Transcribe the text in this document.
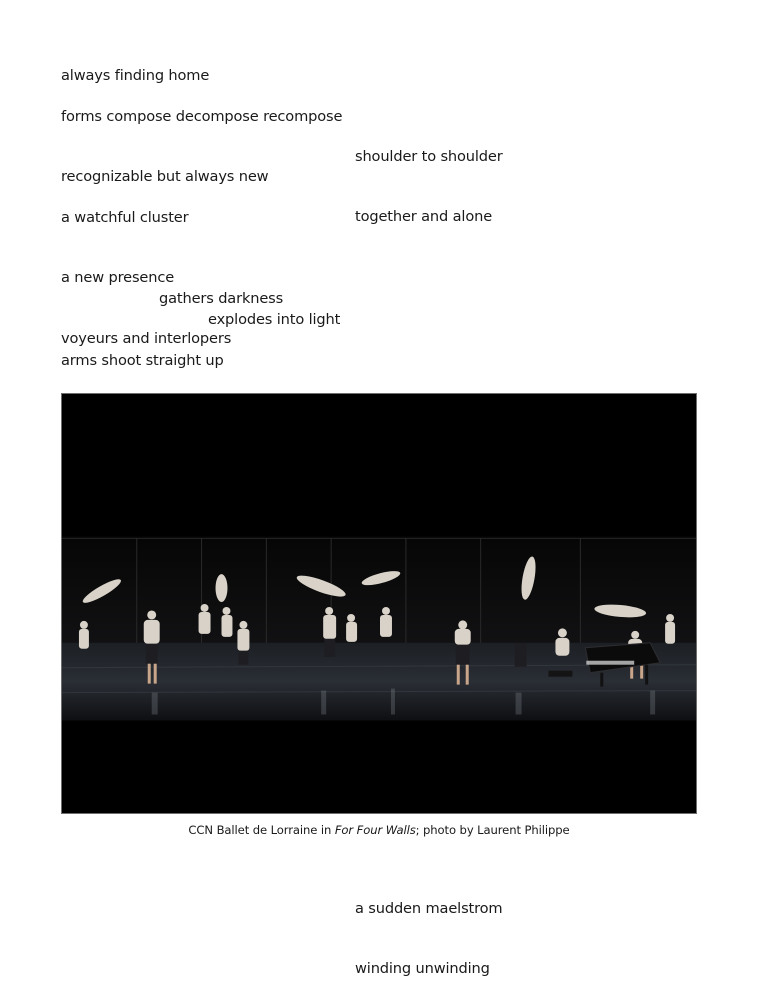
always finding home

forms compose decompose recompose

recognizable but always new

shoulder to shoulder

together and alone

a watchful cluster

a new presence

voyeurs and interlopers

gathers darkness

explodes into light

arms shoot straight up

CCN Ballet de Lorraine in For Four Walls; photo by Laurent Philippe

a sudden maelstrom

winding unwinding
